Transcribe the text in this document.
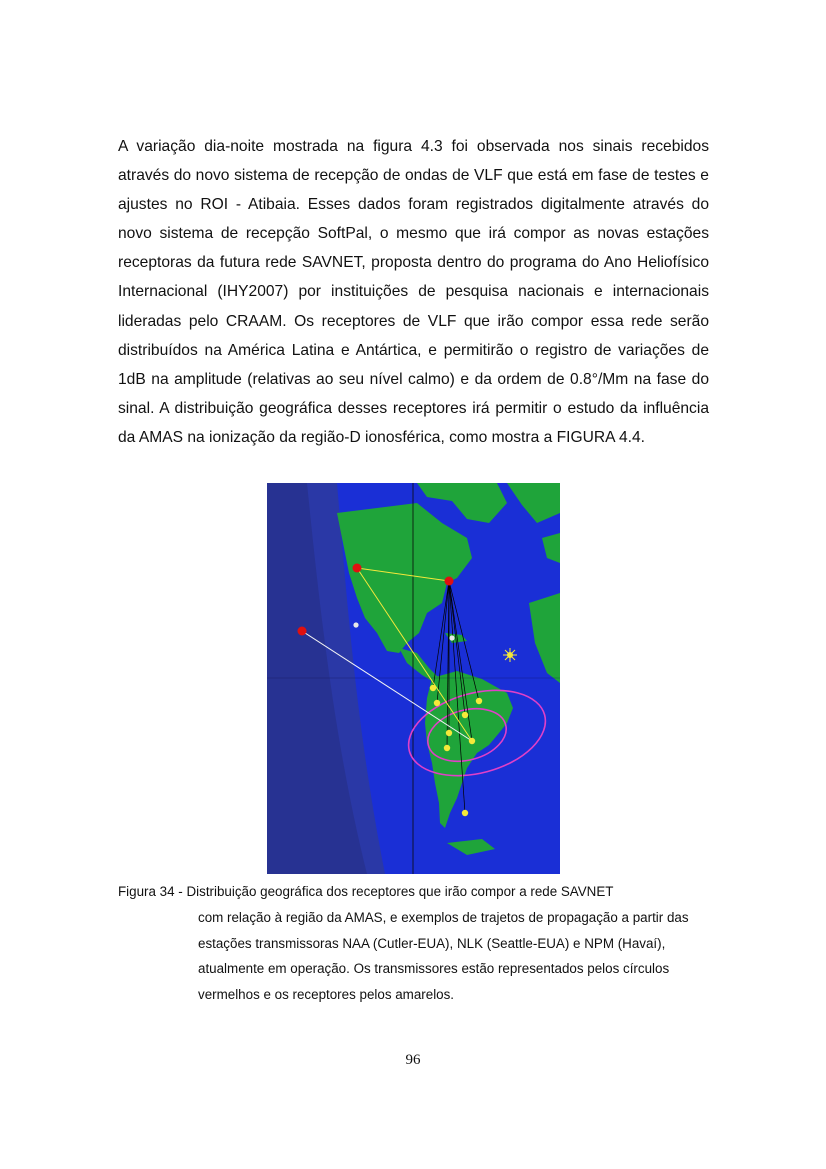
A variação dia-noite mostrada na figura 4.3 foi observada nos sinais recebidos através do novo sistema de recepção de ondas de VLF que está em fase de testes e ajustes no ROI - Atibaia. Esses dados foram registrados digitalmente através do novo sistema de recepção SoftPal, o mesmo que irá compor as novas estações receptoras da futura rede SAVNET, proposta dentro do programa do Ano Heliofísico Internacional (IHY2007) por instituições de pesquisa nacionais e internacionais lideradas pelo CRAAM. Os receptores de VLF que irão compor essa rede serão distribuídos na América Latina e Antártica, e permitirão o registro de variações de 1dB na amplitude (relativas ao seu nível calmo) e da ordem de 0.8°/Mm na fase do sinal. A distribuição geográfica desses receptores irá permitir o estudo da influência da AMAS na ionização da região-D ionosférica, como mostra a FIGURA 4.4.

Figura 34 - Distribuição geográfica dos receptores que irão compor a rede SAVNET
com relação à região da AMAS, e exemplos de trajetos de propagação a partir das estações transmissoras NAA (Cutler-EUA), NLK (Seattle-EUA) e NPM (Havaí), atualmente em operação. Os transmissores estão representados pelos círculos vermelhos e os receptores pelos amarelos.

96
